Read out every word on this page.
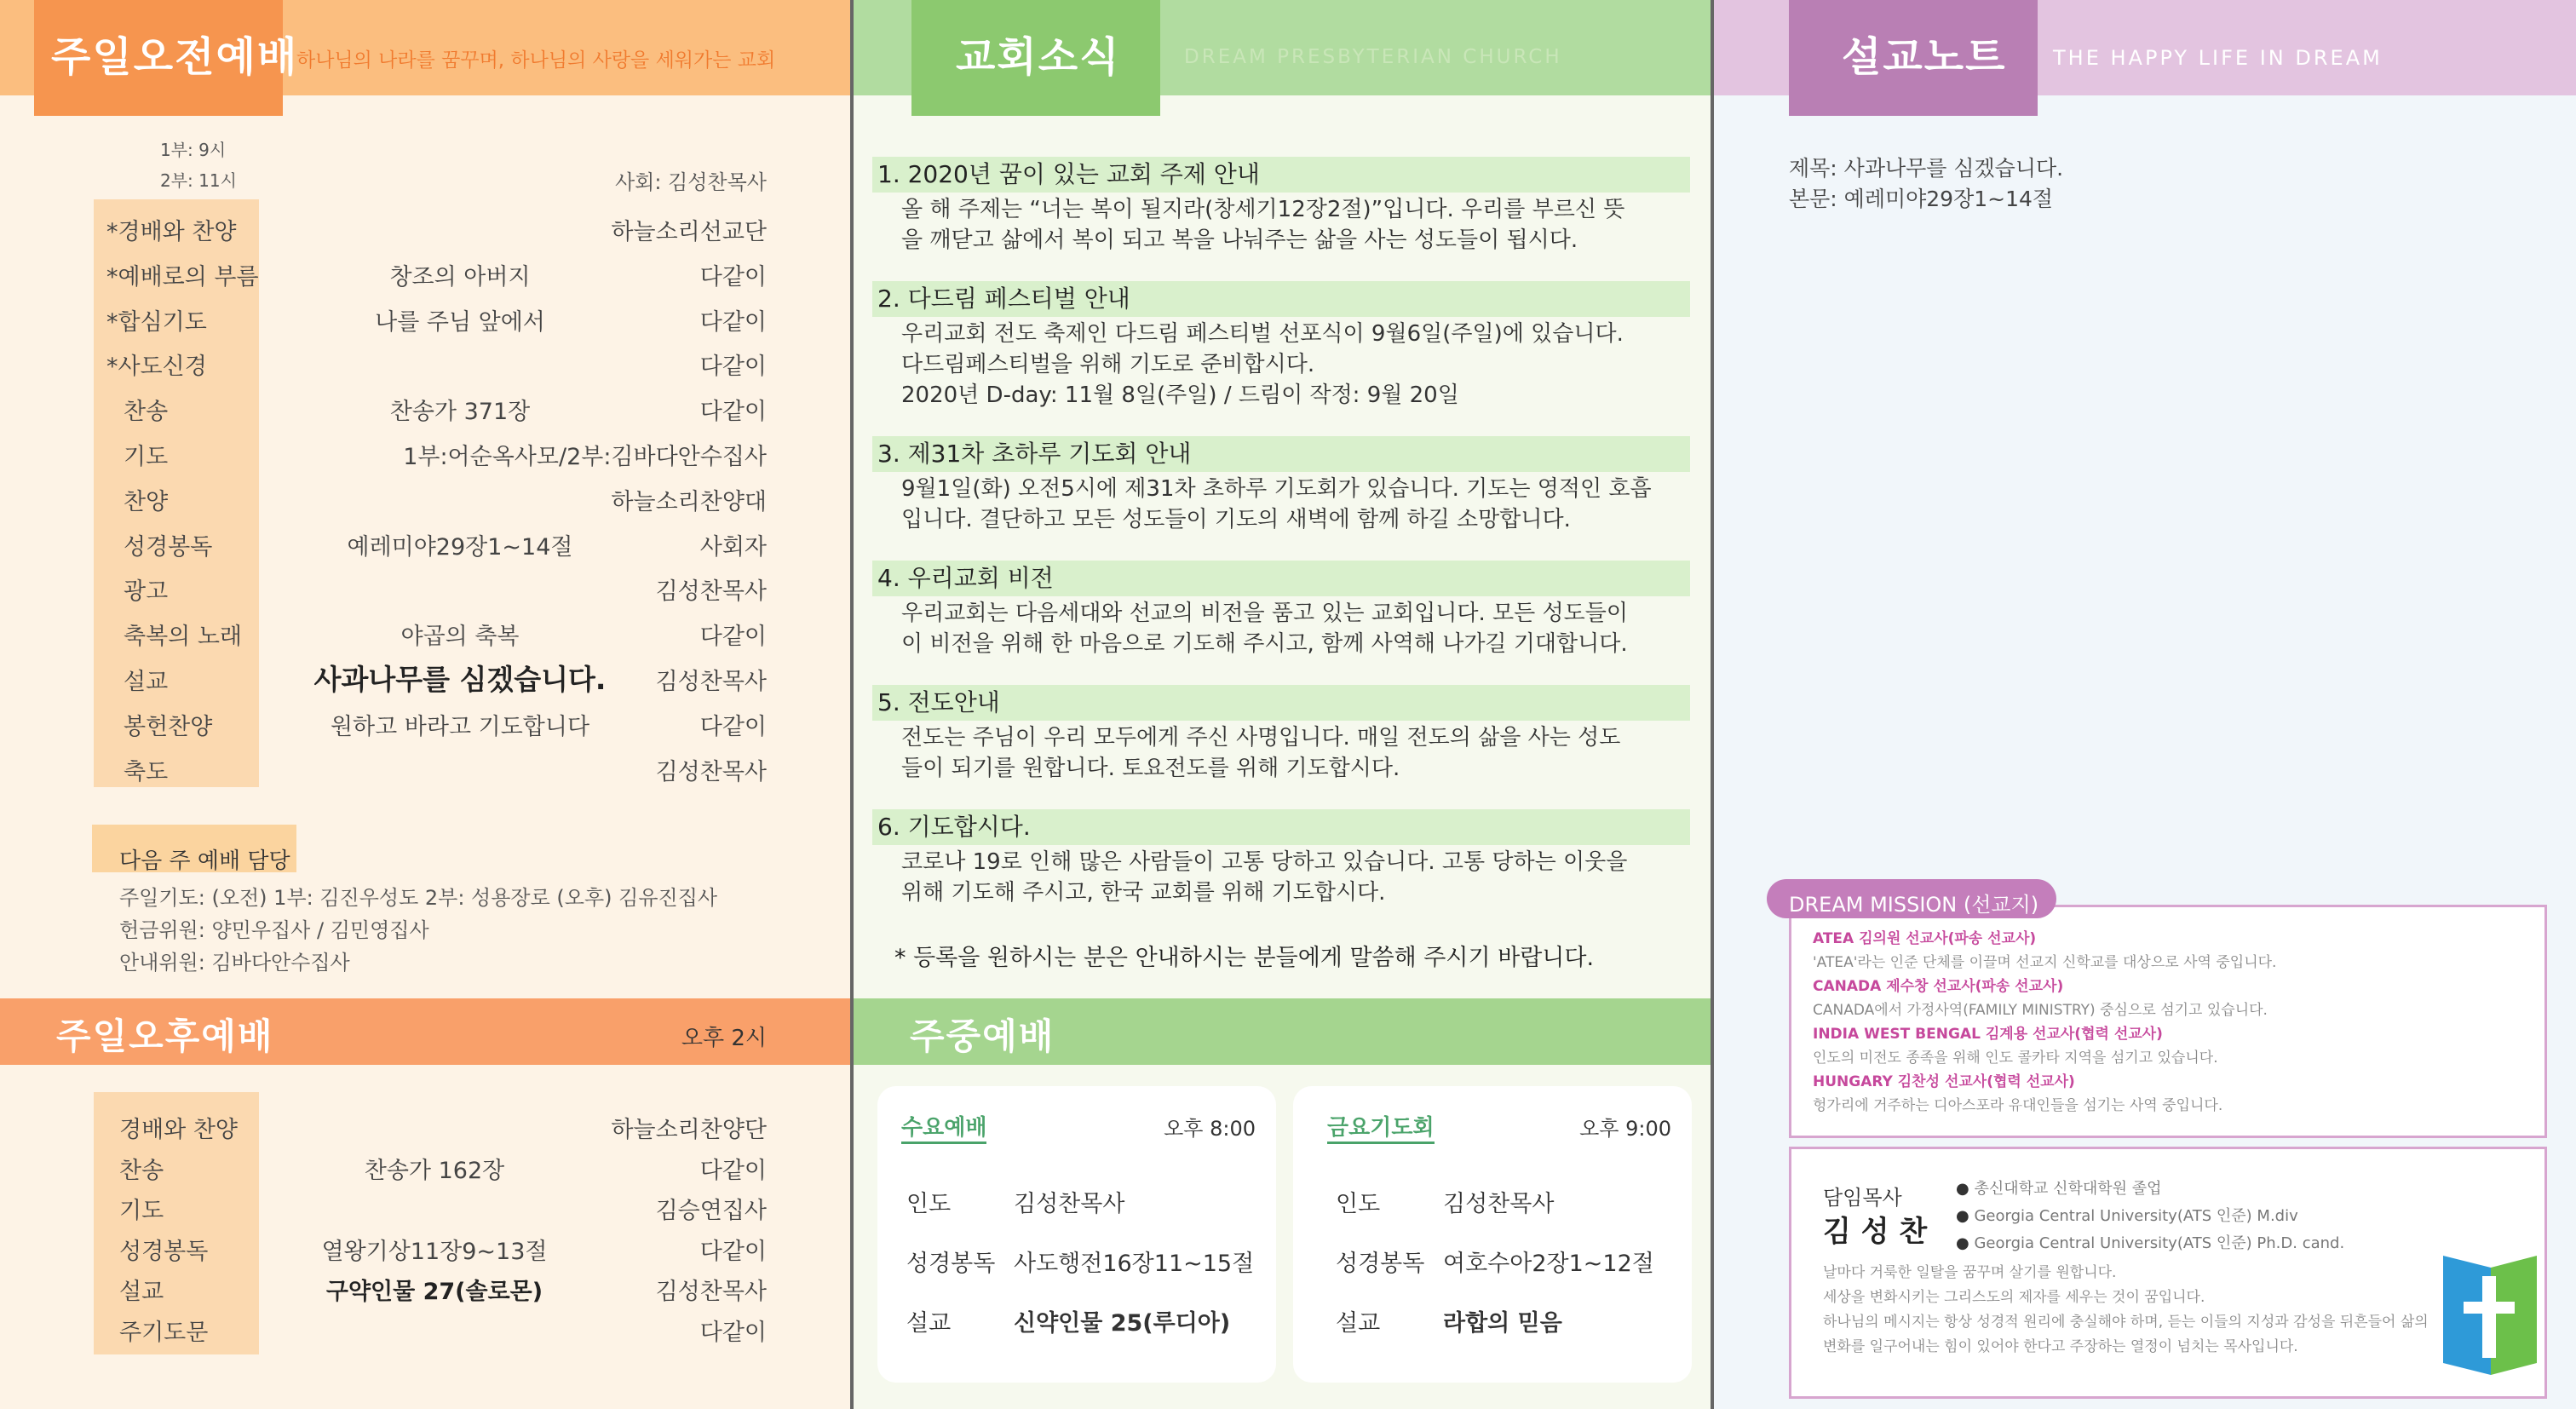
주일오전예배
하나님의 나라를 꿈꾸며, 하나님의 사랑을 세워가는 교회
1부: 9시
2부: 11시	사회: 김성찬목사
*경배와 찬양	하늘소리선교단
*예배로의 부름	창조의 아버지	다같이
*합심기도	나를 주님 앞에서	다같이
*사도신경	다같이
찬송	찬송가 371장	다같이
기도	1부:어순옥사모/2부:김바다안수집사
찬양	하늘소리찬양대
성경봉독	예레미야29장1~14절	사회자
광고	김성찬목사
축복의 노래	야곱의 축복	다같이
설교	사과나무를 심겠습니다.	김성찬목사
봉헌찬양	원하고 바라고 기도합니다	다같이
축도	김성찬목사
다음 주 예배 담당
주일기도: (오전) 1부: 김진우성도 2부: 성용장로 (오후) 김유진집사
헌금위원: 양민우집사 / 김민영집사
안내위원: 김바다안수집사
주일오후예배	오후 2시
경배와 찬양	하늘소리찬양단
찬송	찬송가 162장	다같이
기도	김승연집사
성경봉독	열왕기상11장9~13절	다같이
설교	구약인물 27(솔로몬)	김성찬목사
주기도문	다같이
교회소식	DREAM PRESBYTERIAN CHURCH
1. 2020년 꿈이 있는 교회 주제 안내
올 해 주제는 “너는 복이 될지라(창세기12장2절)”입니다. 우리를 부르신 뜻
을 깨닫고 삶에서 복이 되고 복을 나눠주는 삶을 사는 성도들이 됩시다.
2. 다드림 페스티벌 안내
우리교회 전도 축제인 다드림 페스티벌 선포식이 9월6일(주일)에 있습니다.
다드림페스티벌을 위해 기도로 준비합시다.
2020년 D-day: 11월 8일(주일) / 드림이 작정: 9월 20일
3. 제31차 초하루 기도회 안내
9월1일(화) 오전5시에 제31차 초하루 기도회가 있습니다. 기도는 영적인 호흡
입니다. 결단하고 모든 성도들이 기도의 새벽에 함께 하길 소망합니다.
4. 우리교회 비전
우리교회는 다음세대와 선교의 비전을 품고 있는 교회입니다. 모든 성도들이
이 비전을 위해 한 마음으로 기도해 주시고, 함께 사역해 나가길 기대합니다.
5. 전도안내
전도는 주님이 우리 모두에게 주신 사명입니다. 매일 전도의 삶을 사는 성도
들이 되기를 원합니다. 토요전도를 위해 기도합시다.
6. 기도합시다.
코로나 19로 인해 많은 사람들이 고통 당하고 있습니다. 고통 당하는 이웃을
위해 기도해 주시고, 한국 교회를 위해 기도합시다.
* 등록을 원하시는 분은 안내하시는 분들에게 말씀해 주시기 바랍니다.
주중예배
수요예배	오후 8:00
인도	김성찬목사
성경봉독 사도행전16장11~15절
설교	신약인물 25(루디아)
금요기도회	오후 9:00
인도	김성찬목사
성경봉독 여호수아2장1~12절
설교	라합의 믿음
설교노트 THE HAPPY LIFE IN DREAM
제목: 사과나무를 심겠습니다.
본문: 예레미야29장1~14절
DREAM MISSION (선교지)
ATEA 김의원 선교사(파송 선교사)
'ATEA'라는 인준 단체를 이끌며 선교지 신학교를 대상으로 사역 중입니다.
CANADA 제수창 선교사(파송 선교사)
CANADA에서 가정사역(FAMILY MINISTRY) 중심으로 섬기고 있습니다.
INDIA WEST BENGAL 김계용 선교사(협력 선교사)
인도의 미전도 종족을 위해 인도 콜카타 지역을 섬기고 있습니다.
HUNGARY 김찬성 선교사(협력 선교사)
헝가리에 거주하는 디아스포라 유대인들을 섬기는 사역 중입니다.
담임목사
김 성 찬
● 총신대학교 신학대학원 졸업
● Georgia Central University(ATS 인준) M.div
● Georgia Central University(ATS 인준) Ph.D. cand.
날마다 거룩한 일탈을 꿈꾸며 살기를 원합니다.
세상을 변화시키는 그리스도의 제자를 세우는 것이 꿈입니다.
하나님의 메시지는 항상 성경적 원리에 충실해야 하며, 듣는 이들의 지성과 감성을 뒤흔들어 삶의
변화를 일구어내는 힘이 있어야 한다고 주장하는 열정이 넘치는 목사입니다.
